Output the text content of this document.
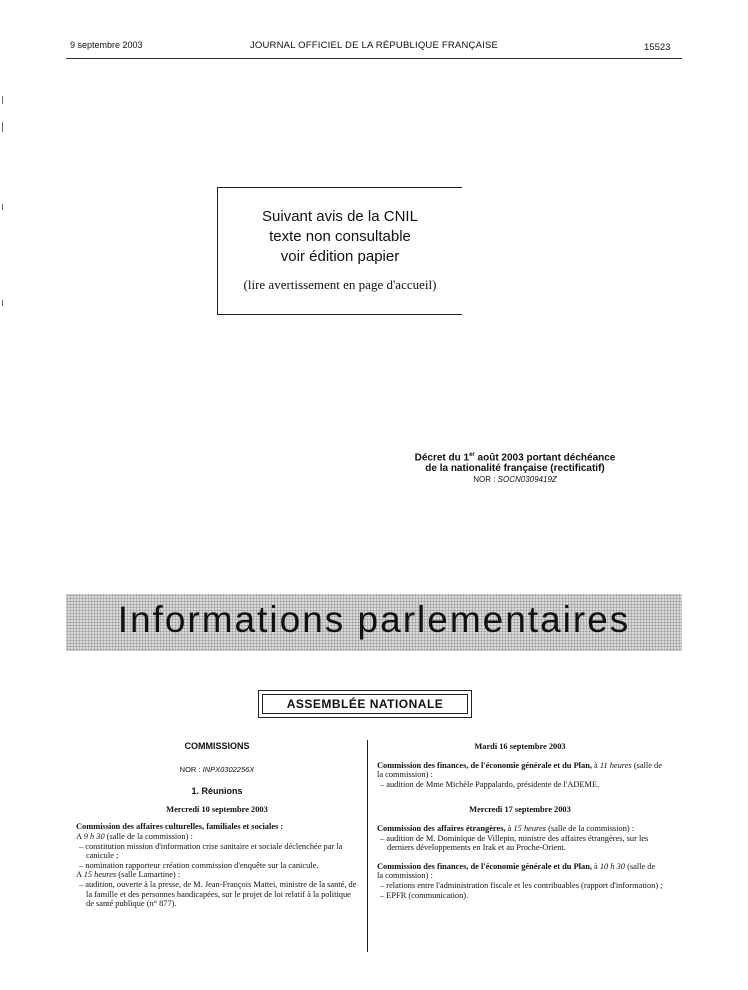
9 septembre 2003	JOURNAL OFFICIEL DE LA RÉPUBLIQUE FRANÇAISE	15523
Suivant avis de la CNIL
texte non consultable
voir édition papier
(lire avertissement en page d'accueil)
Décret du 1er août 2003 portant déchéance
de la nationalité française (rectificatif)
NOR : SOCN0309419Z
Informations parlementaires
ASSEMBLÉE NATIONALE

COMMISSIONS

NOR : INPX0302256X

1. Réunions

Mercredi 10 septembre 2003

Commission des affaires culturelles, familiales et sociales :

A 9 h 30 (salle de la commission) :

– constitution mission d'information crise sanitaire et sociale déclenchée par la canicule ;

– nomination rapporteur création commission d'enquête sur la canicule.

A 15 heures (salle Lamartine) :

– audition, ouverte à la presse, de M. Jean-François Mattei, ministre de la santé, de la famille et des personnes handicapées, sur le projet de loi relatif à la politique de santé publique (n° 877).

Mardi 16 septembre 2003

Commission des finances, de l'économie générale et du Plan, à 11 heures (salle de la commission) :

– audition de Mme Michèle Pappalardo, présidente de l'ADEME.

Mercredi 17 septembre 2003

Commission des affaires étrangères, à 15 heures (salle de la commission) :

– audition de M. Dominique de Villepin, ministre des affaires étrangères, sur les derniers développements en Irak et au Proche-Orient.

Commission des finances, de l'économie générale et du Plan, à 10 h 30 (salle de la commission) :

– relations entre l'administration fiscale et les contribuables (rapport d'information) ;

– EPFR (communication).
